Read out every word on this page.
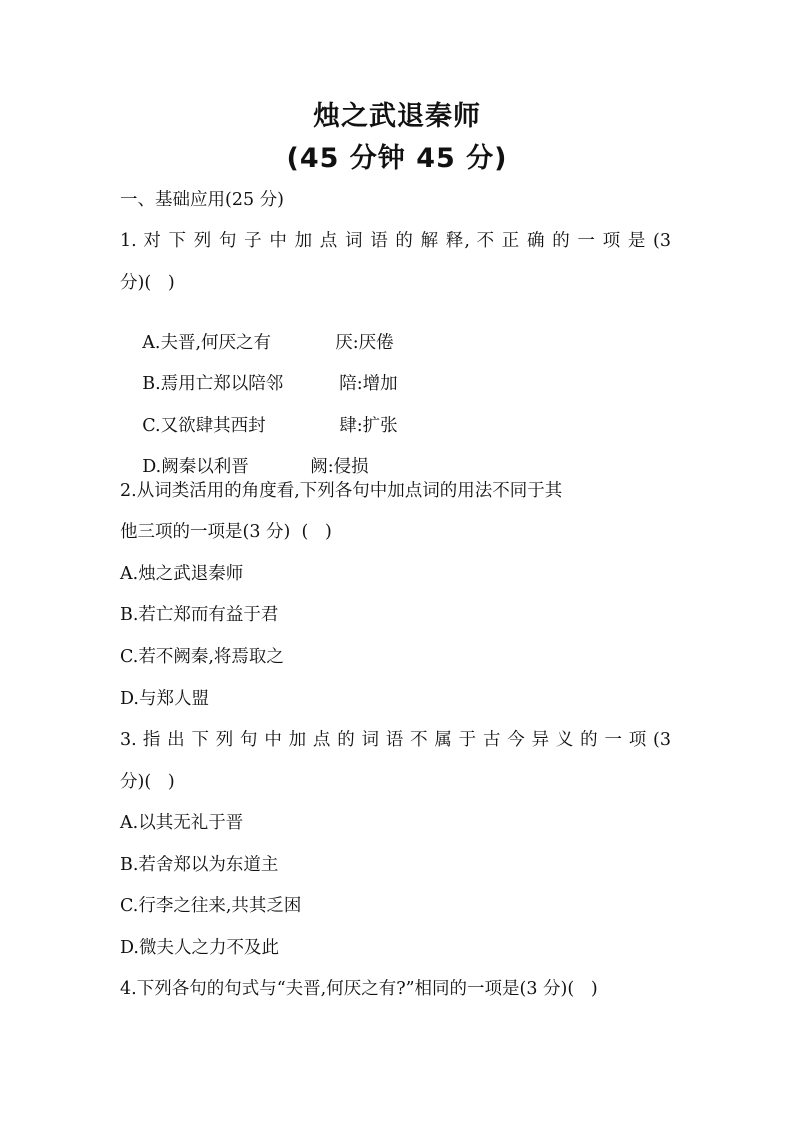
烛之武退秦师
(45 分钟 45 分)
一、基础应用(25 分)
1. 对 下 列 句 子 中 加 点 词 语 的 解 释, 不 正 确 的 一 项 是 (3
分)(   )

A.夫晋,何厌之有	厌:厌倦

B.焉用亡郑以陪邻	陪:增加

C.又欲肆其西封	肆:扩张

D.阙秦以利晋	阙:侵损

2.从词类活用的角度看,下列各句中加点词的用法不同于其
他三项的一项是(3 分)  (   )
A.烛之武退秦师
B.若亡郑而有益于君
C.若不阙秦,将焉取之
D.与郑人盟
3. 指 出 下 列 句 中 加 点 的 词 语 不 属 于 古 今 异 义 的 一 项 (3
分)(   )
A.以其无礼于晋
B.若舍郑以为东道主
C.行李之往来,共其乏困
D.微夫人之力不及此
4.下列各句的句式与“夫晋,何厌之有?”相同的一项是(3 分)(   )
